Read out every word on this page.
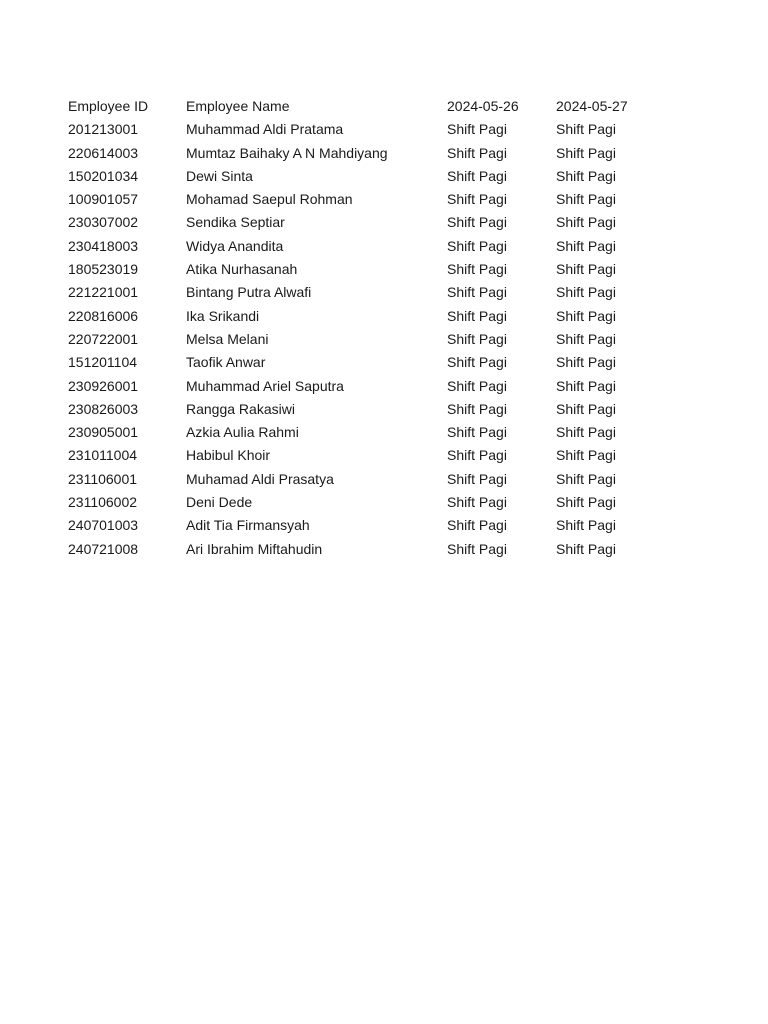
Employee ID	Employee Name	2024-05-26	2024-05-27
201213001	Muhammad Aldi Pratama	Shift Pagi	Shift Pagi
220614003	Mumtaz Baihaky A N Mahdiyang	Shift Pagi	Shift Pagi
150201034	Dewi Sinta	Shift Pagi	Shift Pagi
100901057	Mohamad Saepul Rohman	Shift Pagi	Shift Pagi
230307002	Sendika Septiar	Shift Pagi	Shift Pagi
230418003	Widya Anandita	Shift Pagi	Shift Pagi
180523019	Atika Nurhasanah	Shift Pagi	Shift Pagi
221221001	Bintang Putra Alwafi	Shift Pagi	Shift Pagi
220816006	Ika Srikandi	Shift Pagi	Shift Pagi
220722001	Melsa Melani	Shift Pagi	Shift Pagi
151201104	Taofik Anwar	Shift Pagi	Shift Pagi
230926001	Muhammad Ariel Saputra	Shift Pagi	Shift Pagi
230826003	Rangga Rakasiwi	Shift Pagi	Shift Pagi
230905001	Azkia Aulia Rahmi	Shift Pagi	Shift Pagi
231011004	Habibul Khoir	Shift Pagi	Shift Pagi
231106001	Muhamad Aldi Prasatya	Shift Pagi	Shift Pagi
231106002	Deni Dede	Shift Pagi	Shift Pagi
240701003	Adit Tia Firmansyah	Shift Pagi	Shift Pagi
240721008	Ari Ibrahim Miftahudin	Shift Pagi	Shift Pagi
